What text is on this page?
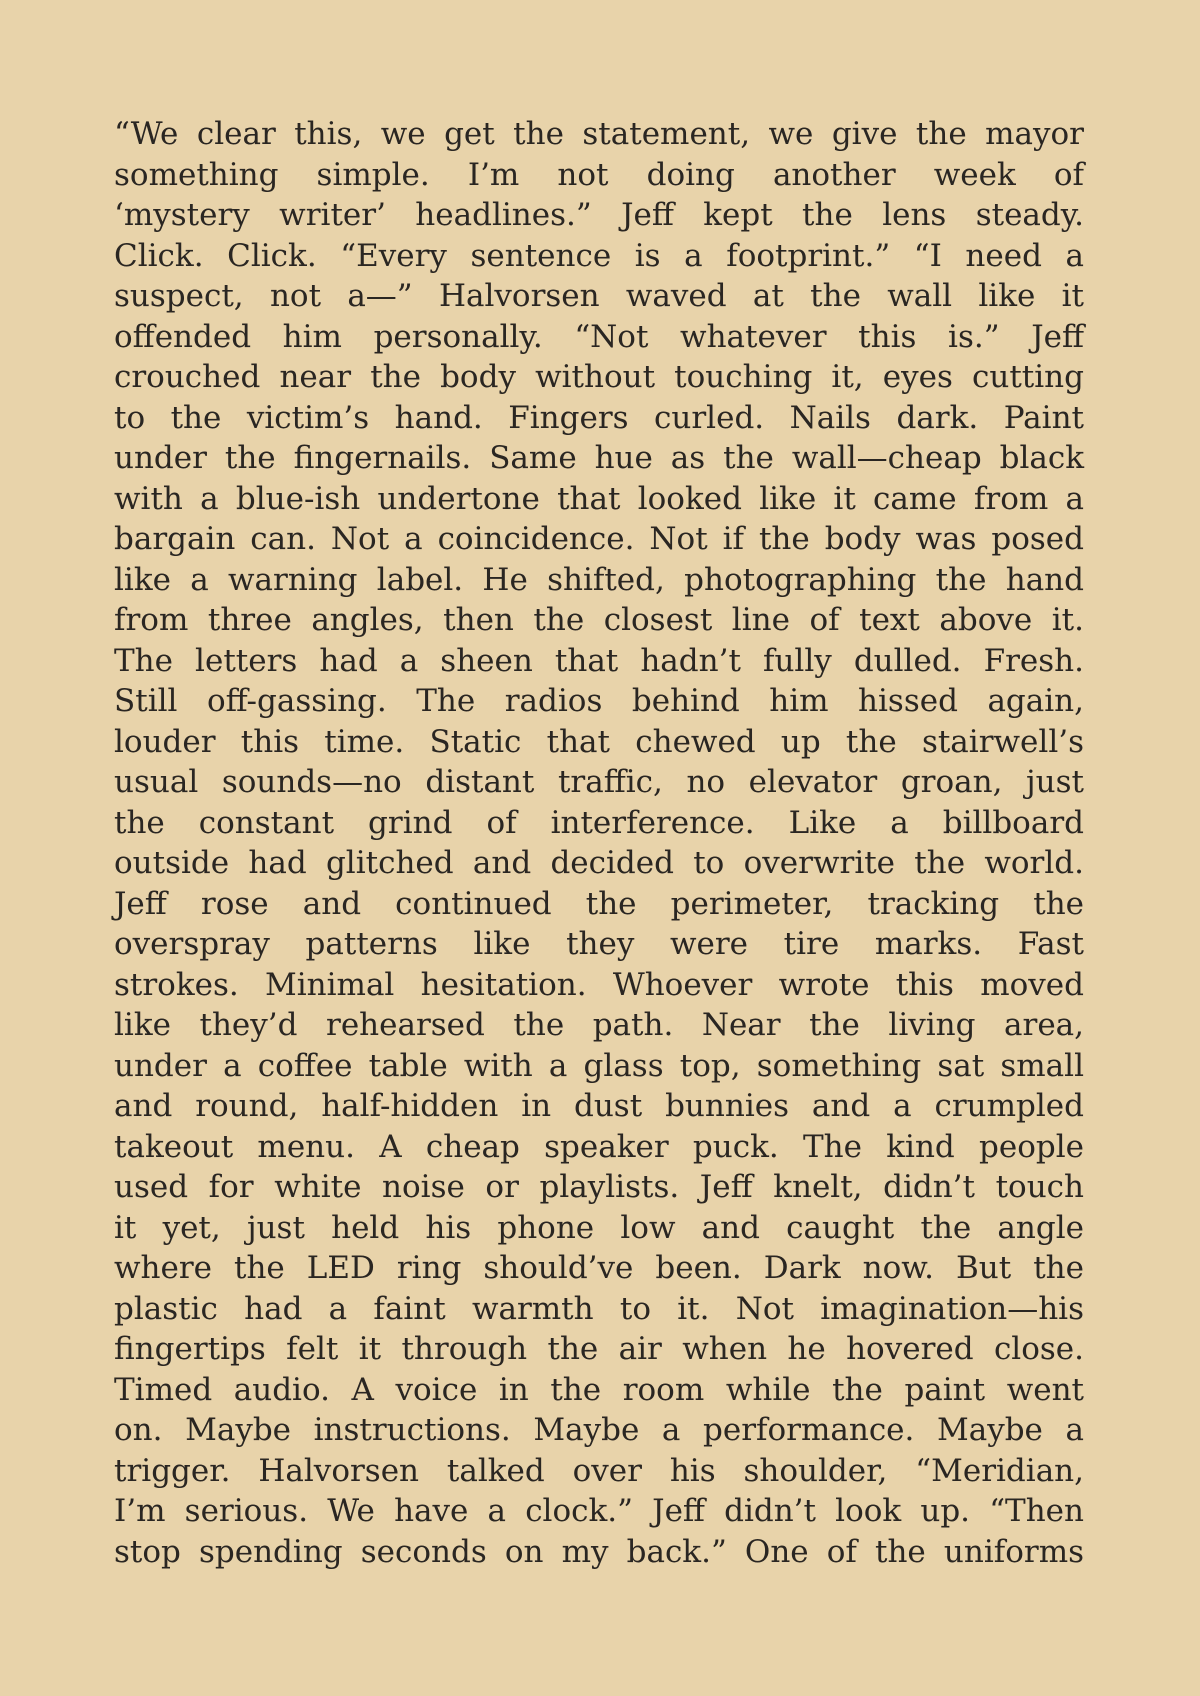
“We clear this, we get the statement, we give the mayor
something simple. I’m not doing another week of
‘mystery writer’ headlines.” Jeff kept the lens steady.
Click. Click. “Every sentence is a footprint.” “I need a
suspect, not a—” Halvorsen waved at the wall like it
offended him personally. “Not whatever this is.” Jeff
crouched near the body without touching it, eyes cutting
to the victim’s hand. Fingers curled. Nails dark. Paint
under the fingernails. Same hue as the wall—cheap black
with a blue-ish undertone that looked like it came from a
bargain can. Not a coincidence. Not if the body was posed
like a warning label. He shifted, photographing the hand
from three angles, then the closest line of text above it.
The letters had a sheen that hadn’t fully dulled. Fresh.
Still off-gassing. The radios behind him hissed again,
louder this time. Static that chewed up the stairwell’s
usual sounds—no distant traffic, no elevator groan, just
the constant grind of interference. Like a billboard
outside had glitched and decided to overwrite the world.
Jeff rose and continued the perimeter, tracking the
overspray patterns like they were tire marks. Fast
strokes. Minimal hesitation. Whoever wrote this moved
like they’d rehearsed the path. Near the living area,
under a coffee table with a glass top, something sat small
and round, half-hidden in dust bunnies and a crumpled
takeout menu. A cheap speaker puck. The kind people
used for white noise or playlists. Jeff knelt, didn’t touch
it yet, just held his phone low and caught the angle
where the LED ring should’ve been. Dark now. But the
plastic had a faint warmth to it. Not imagination—his
fingertips felt it through the air when he hovered close.
Timed audio. A voice in the room while the paint went
on. Maybe instructions. Maybe a performance. Maybe a
trigger. Halvorsen talked over his shoulder, “Meridian,
I’m serious. We have a clock.” Jeff didn’t look up. “Then
stop spending seconds on my back.” One of the uniforms
